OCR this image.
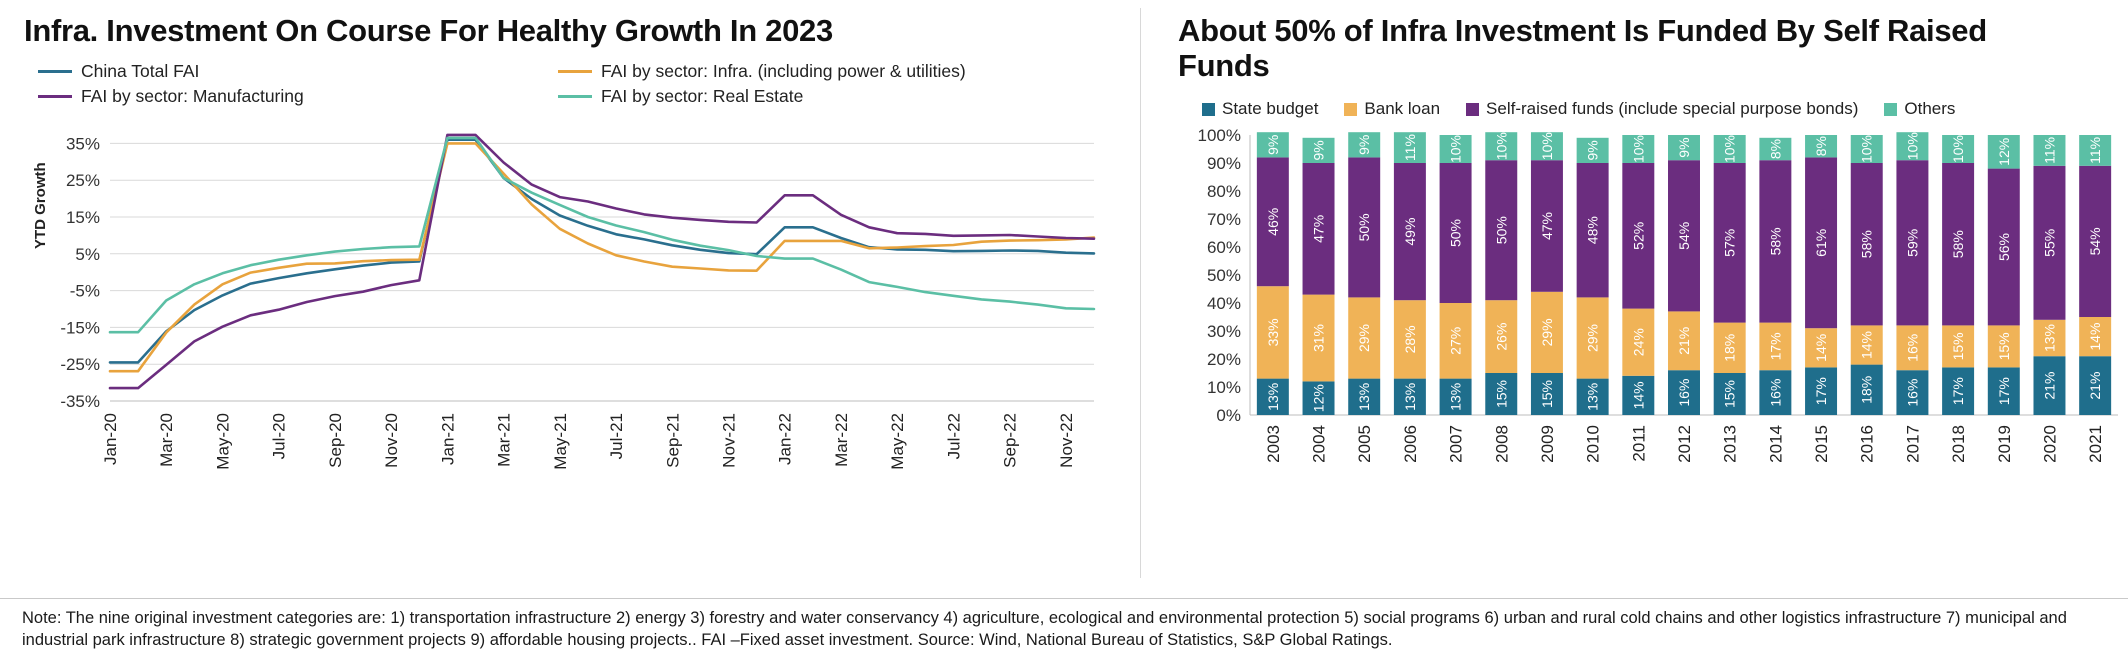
Infra. Investment On Course For Healthy Growth In 2023
China Total FAI	FAI by sector: Infra. (including power & utilities)
FAI by sector: Manufacturing	FAI by sector: Real Estate
YTD Growth
-35%
-25%
-15%
-5%
5%
15%
25%
35%
Jan-20 Mar-20 May-20 Jul-20 Sep-20 Nov-20 Jan-21 Mar-21 May-21 Jul-21 Sep-21 Nov-21 Jan-22 Mar-22 May-22 Jul-22 Sep-22 Nov-22
About 50% of Infra Investment Is Funded By Self Raised Funds
State budget	Bank loan	Self-raised funds (include special purpose bonds)	Others
0%
10%
20%
30%
40%
50%
60%
70%
80%
90%
100%
13%
33%
46%
9%
2003
12%
31%
47%
9%
2004
13%
29%
50%
9%
2005
13%
28%
49%
11%
2006
13%
27%
50%
10%
2007
15%
26%
50%
10%
2008
15%
29%
47%
10%
2009
13%
29%
48%
9%
2010
14%
24%
52%
10%
2011
16%
21%
54%
9%
2012
15%
18%
57%
10%
2013
16%
17%
58%
8%
2014
17%
14%
61%
8%
2015
18%
14%
58%
10%
2016
16%
16%
59%
10%
2017
17%
15%
58%
10%
2018
17%
15%
56%
12%
2019
21%
13%
55%
11%
2020
21%
14%
54%
11%
2021
Note: The nine original investment categories are: 1) transportation infrastructure 2) energy 3) forestry and water conservancy 4) agriculture, ecological and environmental protection 5) social programs 6) urban and rural cold chains and other logistics infrastructure 7) municipal and industrial park infrastructure 8) strategic government projects 9) affordable housing projects.. FAI –Fixed asset investment. Source: Wind, National Bureau of Statistics, S&P Global Ratings.
